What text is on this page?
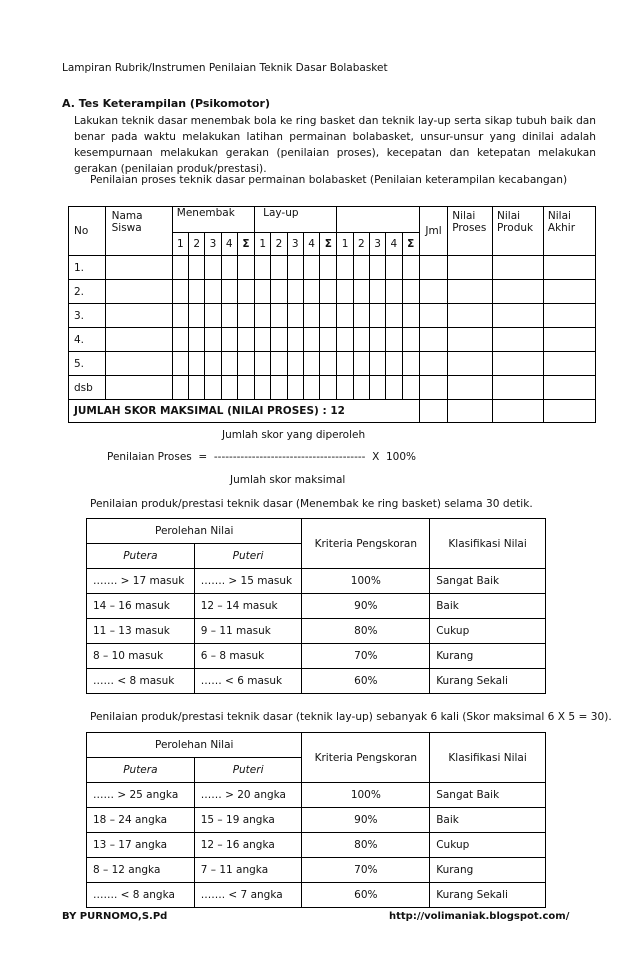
Lampiran Rubrik/Instrumen Penilaian Teknik Dasar Bolabasket
A. Tes Keterampilan (Psikomotor)
Lakukan teknik dasar menembak bola ke ring basket dan teknik lay-up serta sikap tubuh baik dan benar pada waktu melakukan latihan permainan bolabasket, unsur-unsur yang dinilai adalah kesempurnaan melakukan gerakan (penilaian proses), kecepatan dan ketepatan melakukan gerakan (penilaian produk/prestasi).
Penilaian proses teknik dasar permainan bolabasket (Penilaian keterampilan kecabangan)
No	Nama Siswa	Menembak					Lay-up										Jml	Nilai Proses	Nilai Produk	Nilai Akhir
		1	2	3	4	Σ	1	2	3	4	Σ	1	2	3	4	Σ				
1.																				
2.																				
3.																				
4.																				
5.																				
dsb																				
JUMLAH SKOR MAKSIMAL (NILAI PROSES) : 12																				
Jumlah skor yang diperoleh
Penilaian Proses  =  ----------------------------------------  X  100%
Jumlah skor maksimal
Penilaian produk/prestasi teknik dasar (Menembak ke ring basket) selama 30 detik.
Perolehan Nilai		Kriteria Pengskoran	Klasifikasi Nilai
Putera	Puteri		
……. > 17 masuk	……. > 15 masuk	100%	Sangat Baik
14 – 16 masuk	12 – 14 masuk	90%	Baik
11 – 13 masuk	9 – 11 masuk	80%	Cukup
8 – 10 masuk	6 – 8 masuk	70%	Kurang
…… < 8 masuk	…… < 6 masuk	60%	Kurang Sekali
Penilaian produk/prestasi teknik dasar (teknik lay-up) sebanyak 6 kali (Skor maksimal 6 X 5 = 30).
Perolehan Nilai		Kriteria Pengskoran	Klasifikasi Nilai
Putera	Puteri		
…… > 25 angka	…… > 20 angka	100%	Sangat Baik
18 – 24 angka	15 – 19 angka	90%	Baik
13 – 17 angka	12 – 16 angka	80%	Cukup
8 – 12 angka	7 – 11 angka	70%	Kurang
……. < 8 angka	……. < 7 angka	60%	Kurang Sekali
BY PURNOMO,S.Pd	http://volimaniak.blogspot.com/
